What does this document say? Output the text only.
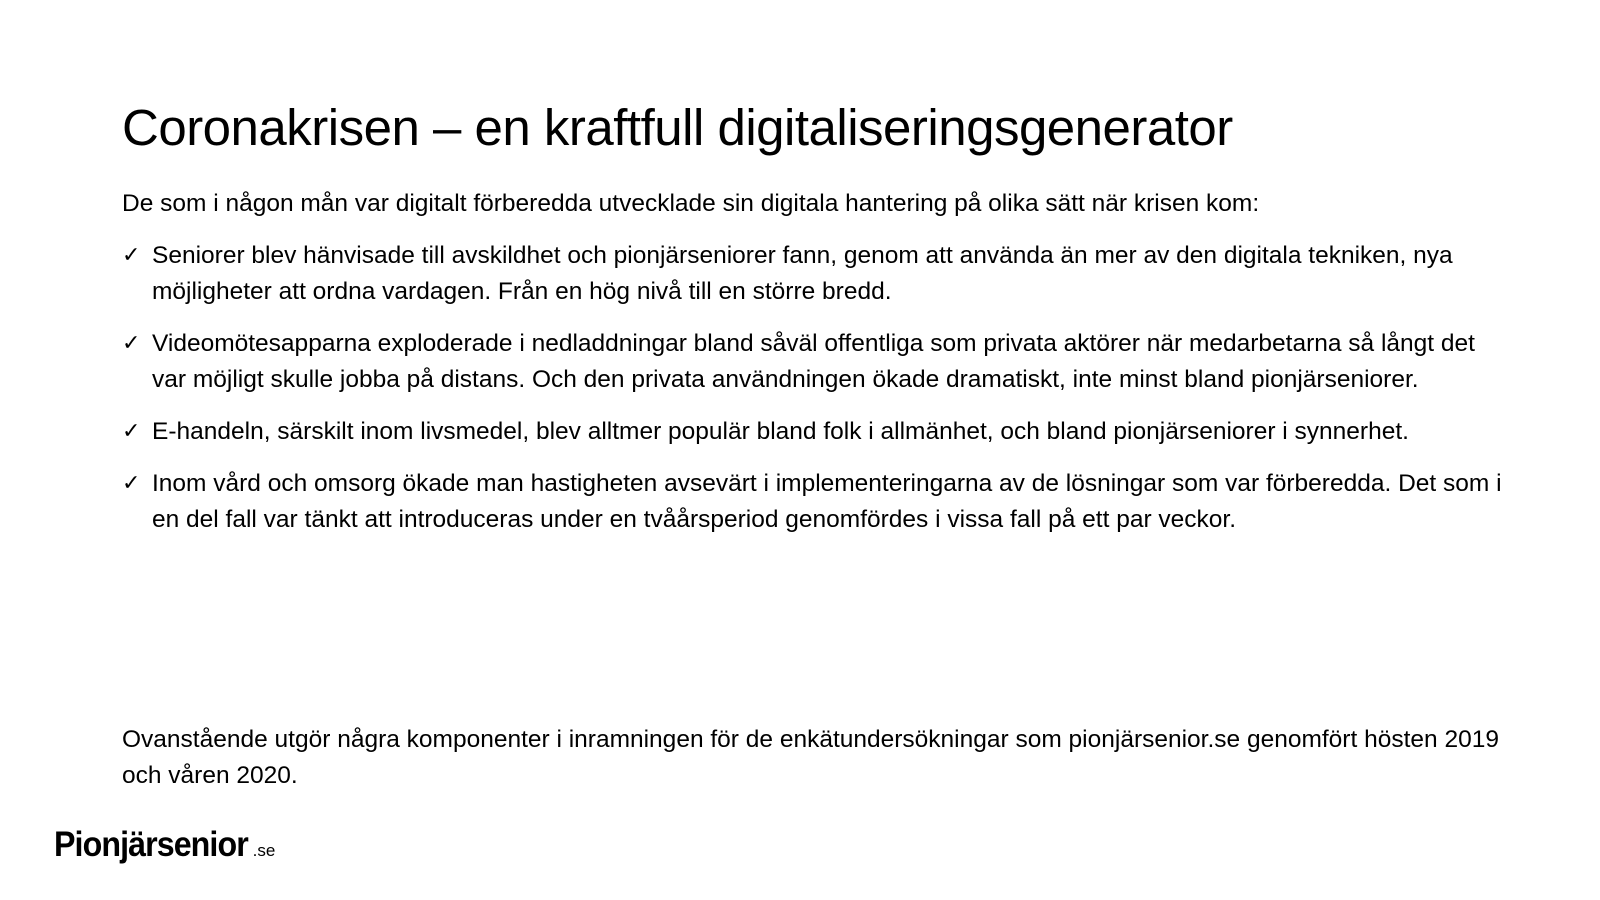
Coronakrisen – en kraftfull digitaliseringsgenerator

De som i någon mån var digitalt förberedda utvecklade sin digitala hantering på olika sätt när krisen kom:

✓ Seniorer blev hänvisade till avskildhet och pionjärseniorer fann, genom att använda än mer av den digitala tekniken, nya möjligheter att ordna vardagen. Från en hög nivå till en större bredd.
✓ Videomötesapparna exploderade i nedladdningar bland såväl offentliga som privata aktörer när medarbetarna så långt det var möjligt skulle jobba på distans. Och den privata användningen ökade dramatiskt, inte minst bland pionjärseniorer.
✓ E-handeln, särskilt inom livsmedel, blev alltmer populär bland folk i allmänhet, och bland pionjärseniorer i synnerhet.
✓ Inom vård och omsorg ökade man hastigheten avsevärt i implementeringarna av de lösningar som var förberedda. Det som i en del fall var tänkt att introduceras under en tvåårsperiod genomfördes i vissa fall på ett par veckor.

Ovanstående utgör några komponenter i inramningen för de enkätundersökningar som pionjärsenior.se genomfört hösten 2019 och våren 2020.

Pionjärsenior .se
